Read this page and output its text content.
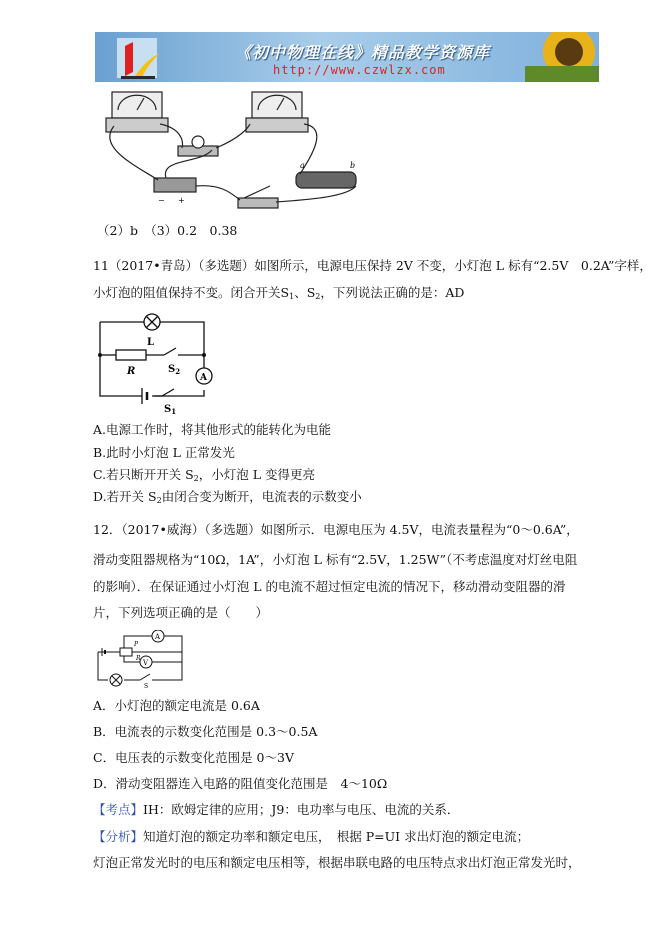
《初中物理在线》精品教学资源库
http://www.czwlzx.com
a	b
− +
（2）b　（3）0.2　0.38
11（2017•青岛）（多选题）如图所示，电源电压保持 2V 不变，小灯泡 L 标有“2.5V　0.2A”字样，
小灯泡的阻值保持不变。闭合开关$S_1$、$S_2$，下列说法正确的是：AD
L
R	$S_2$
A
$S_1$
A.电源工作时，将其他形式的能转化为电能
B.此时小灯泡 L 正常发光
C.若只断开开关 $S_2$，小灯泡 L 变得更亮
D.若开关 $S_2$由闭合变为断开，电流表的示数变小
12．（2017•威海）（多选题）如图所示．电源电压为 4.5V，电流表量程为“0～0.6A”，
滑动变阻器规格为“10Ω，1A”，小灯泡 L 标有“2.5V，1.25W”（不考虑温度对灯丝电阻
的影响）．在保证通过小灯泡 L 的电流不超过恒定电流的情况下，移动滑动变阻器的滑
片，下列选项正确的是（　　）
A
V
P
R
S
A．小灯泡的额定电流是 0.6A
B．电流表的示数变化范围是 0.3～0.5A
C．电压表的示数变化范围是 0～3V
D．滑动变阻器连入电路的阻值变化范围是　4～10Ω
【考点】IH：欧姆定律的应用；J9：电功率与电压、电流的关系．
【分析】知道灯泡的额定功率和额定电压，　根据 P=UI 求出灯泡的额定电流；
灯泡正常发光时的电压和额定电压相等，根据串联电路的电压特点求出灯泡正常发光时，
